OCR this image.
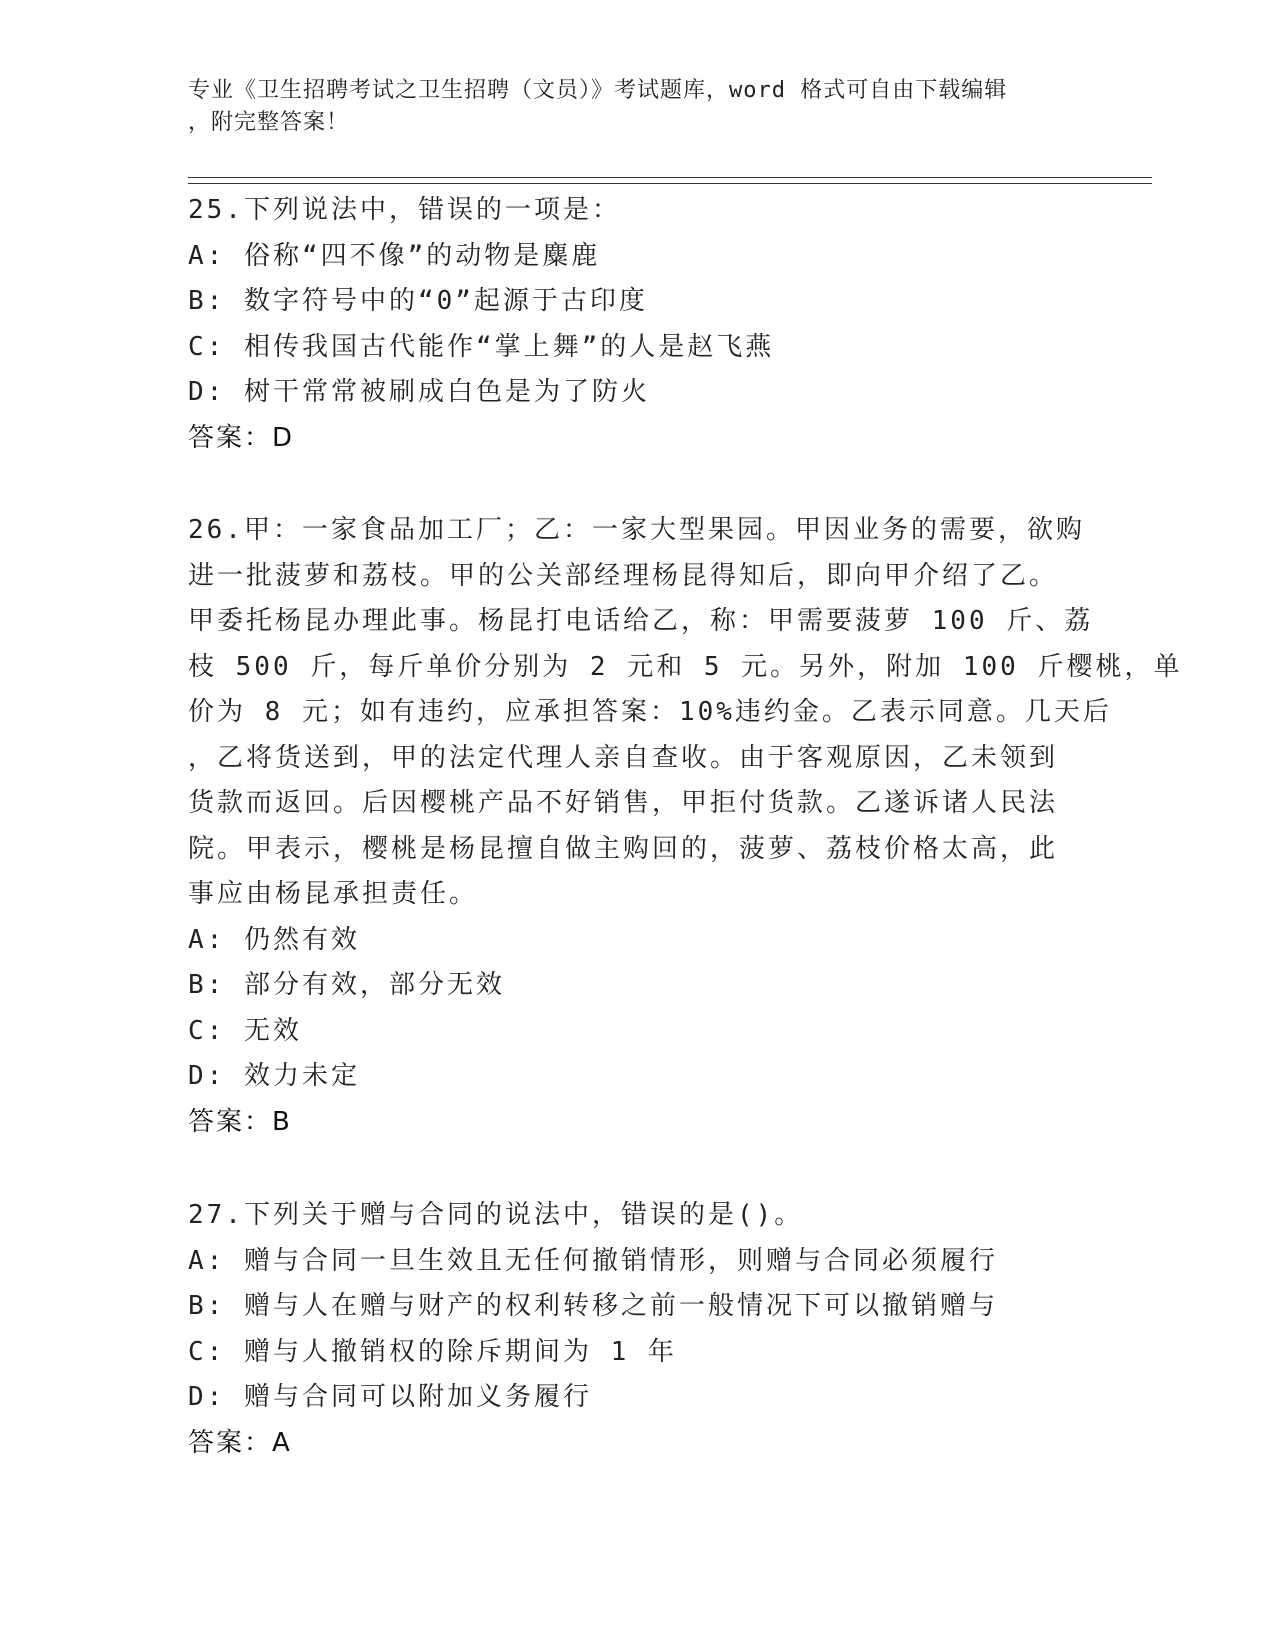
专业《卫生招聘考试之卫生招聘（文员）》考试题库，word 格式可自由下载编辑
，附完整答案！
25.下列说法中，错误的一项是：
A: 俗称“四不像”的动物是麋鹿
B: 数字符号中的“0”起源于古印度
C: 相传我国古代能作“掌上舞”的人是赵飞燕
D: 树干常常被刷成白色是为了防火
答案：D
26.甲：一家食品加工厂；乙：一家大型果园。甲因业务的需要，欲购
进一批菠萝和荔枝。甲的公关部经理杨昆得知后，即向甲介绍了乙。
甲委托杨昆办理此事。杨昆打电话给乙，称：甲需要菠萝 100 斤、荔
枝 500 斤，每斤单价分别为 2 元和 5 元。另外，附加 100 斤樱桃，单
价为 8 元；如有违约，应承担答案：10%违约金。乙表示同意。几天后
，乙将货送到，甲的法定代理人亲自查收。由于客观原因，乙未领到
货款而返回。后因樱桃产品不好销售，甲拒付货款。乙遂诉诸人民法
院。甲表示，樱桃是杨昆擅自做主购回的，菠萝、荔枝价格太高，此
事应由杨昆承担责任。
A: 仍然有效
B: 部分有效，部分无效
C: 无效
D: 效力未定
答案：B
27.下列关于赠与合同的说法中，错误的是()。
A: 赠与合同一旦生效且无任何撤销情形，则赠与合同必须履行
B: 赠与人在赠与财产的权利转移之前一般情况下可以撤销赠与
C: 赠与人撤销权的除斥期间为 1 年
D: 赠与合同可以附加义务履行
答案：A
